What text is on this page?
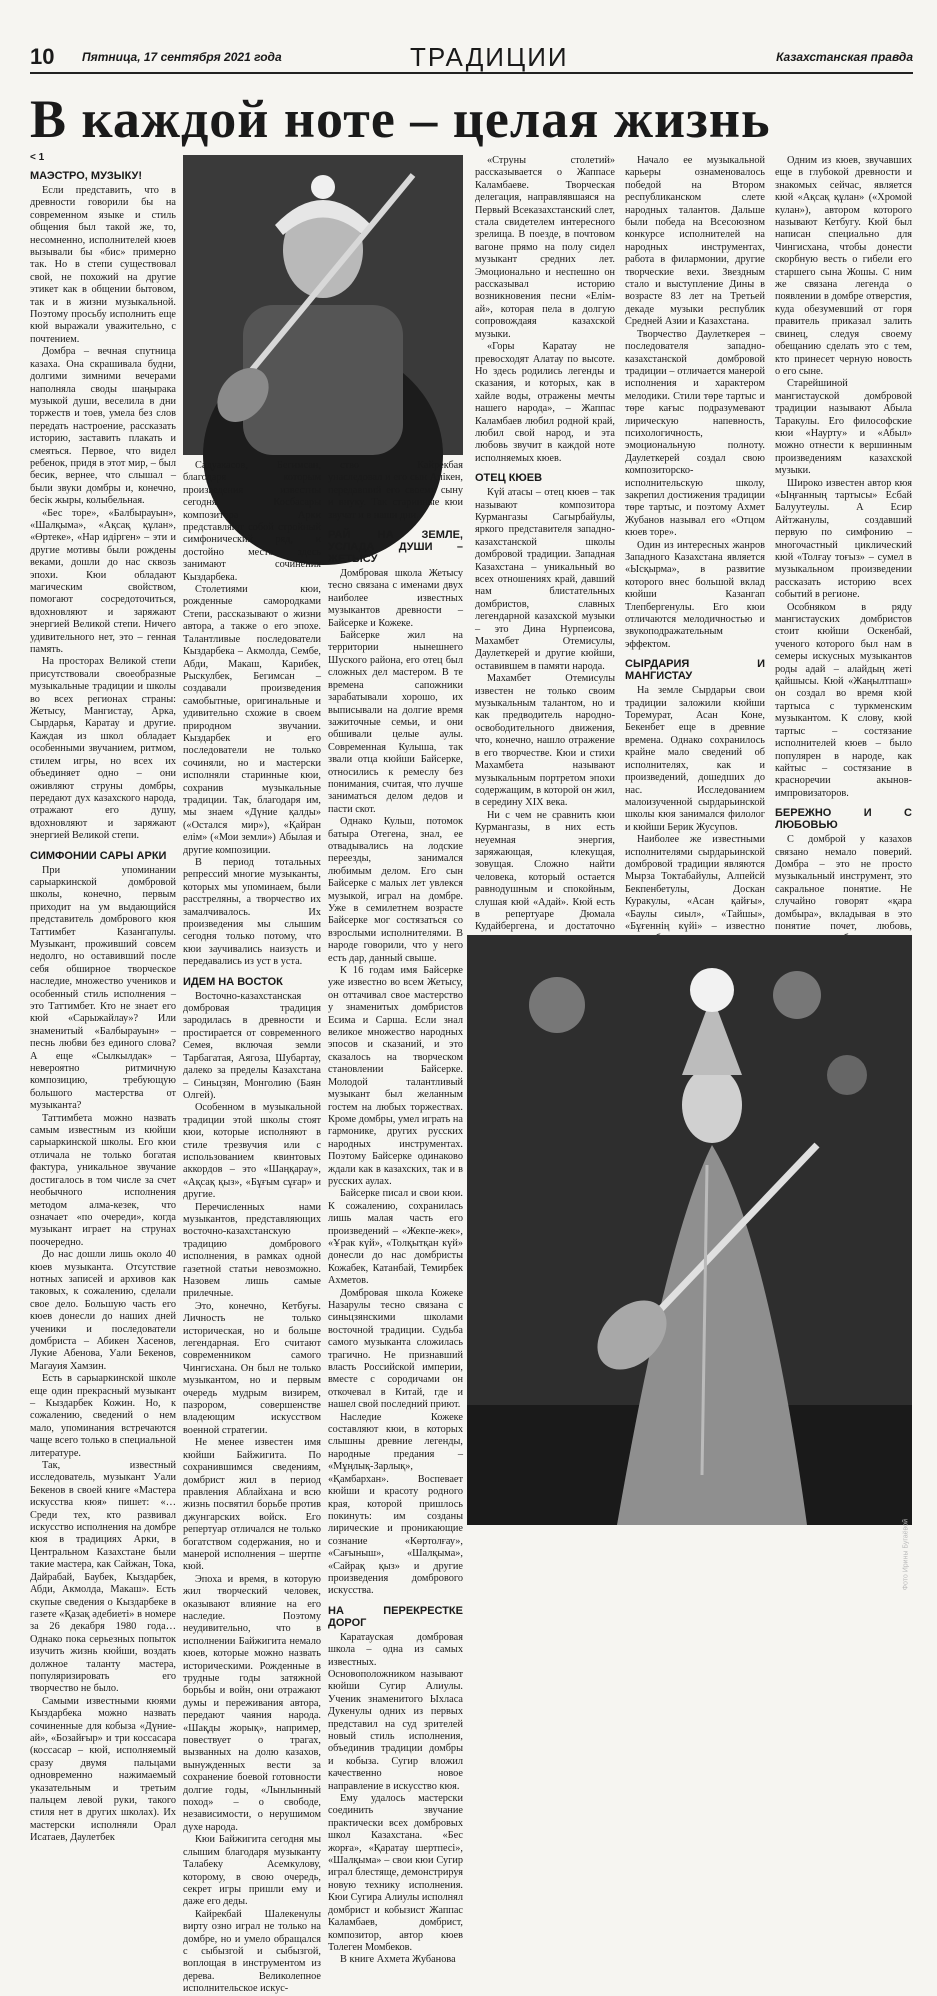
10 Пятница, 17 сентября 2021 года	ТРАДИЦИИ	Казахстанская правда
В каждой ноте – целая жизнь
< 1
МАЭСТРО, МУЗЫКУ!

Если представить, что в древности говорили бы на современном языке и стиль общения был такой же, то, несомненно, исполнителей кюев вызывали бы «бис» примерно так. Но в степи существовал свой, не похожий на другие этикет как в общении бытовом, так и в жизни музыкальной. Поэтому просьбу исполнить еще кюй выражали уважительно, с почтением.

Домбра – вечная спутница казаха. Она скрашивала будни, долгими зимними вечерами наполняла своды шаңырака музыкой души, веселила в дни торжеств и тоев, умела без слов передать настроение, рассказать историю, заставить плакать и смеяться. Первое, что видел ребенок, придя в этот мир, – был бесик, вернее, что слышал – были звуки домбры и, конечно, бесік жыры, колыбельная.

«Бес торе», «Балбырауын», «Шалқыма», «Ақсақ құлан», «Өртеке», «Нар идірген» – эти и другие мотивы были рождены веками, дошли до нас сквозь эпохи. Кюи обладают магическим свойством, помогают сосредоточиться, вдохновляют и заряжают энергией Великой степи. Ничего удивительного нет, это – генная память.

На просторах Великой степи присутствовали своеобразные музыкальные традиции и школы во всех регионах страны: Жетысу, Мангистау, Арка, Сырдарья, Каратау и другие. Каждая из школ обладает особенными звучанием, ритмом, стилем игры, но всех их объединяет одно – они оживляют струны домбры, передают дух казахского народа, отражают его душу, вдохновляют и заряжают энергией Великой степи.

СИМФОНИИ САРЫ АРКИ

При упоминании сарыаркинской домбровой школы, конечно, первым приходит на ум выдающийся представитель домбрового кюя Таттимбет Казангапулы. Музыкант, проживший совсем недолго, но оставивший после себя обширное творческое наследие, множество учеников и особенный стиль исполнения – это Таттимбет. Кто не знает его кюй «Сарыжайлау»? Или знаменитый «Балбырауын» – песнь любви без единого слова? А еще «Сылкылдак» – невероятно ритмичную композицию, требующую большого мастерства от музыканта?

Таттимбета можно назвать самым известным из кюйши сарыаркинской школы. Его кюи отличала не только богатая фактура, уникальное звучание достигалось в том числе за счет необычного исполнения методом алма-кезек, что означает «по очереди», когда музыкант играет на струнах поочередно.

До нас дошли лишь около 40 кюев музыканта. Отсутствие нотных записей и архивов как таковых, к сожалению, сделали свое дело. Большую часть его кюев донесли до наших дней ученики и последователи домбриста – Абикен Хасенов, Лукие Абенова, Уали Бекенов, Магауия Хамзин.

Есть в сарыаркинской школе еще один прекрасный музыкант – Кыздарбек Кожин. Но, к сожалению, сведений о нем мало, упоминания встречаются чаще всего только в специальной литературе.

Так, известный исследователь, музыкант Уали Бекенов в своей книге «Мастера искусства кюя» пишет: «…Среди тех, кто развивал искусство исполнения на домбре кюя в традициях Арки, в Центральном Казахстане были такие мастера, как Сайжан, Тока, Дайрабай, Баубек, Кыздарбек, Абди, Акмолда, Макаш». Есть скупые сведения о Кыздарбеке в газете «Қазақ әдебиеті» в номере за 26 декабря 1980 года… Однако пока серьезных попыток изучить жизнь кюйши, воздать должное таланту мастера, популяризировать его творчество не было.

Самыми известными кюями Кыздарбека можно назвать сочиненные для кобыза «Дүние-ай», «Бозайғыр» и три коссасара (коссасар – кюй, исполняемый сразу двумя пальцами одновременно нажимаемый указательным и третьим пальцем левой руки, такого стиля нет в других школах). Их мастерски исполняли Орал Исатаев, Даулетбек

Садуакасов, Бегимсан, благодаря которым произведения известны сегодня. Косбасары композитора Арки представляют собой стройный симфонический ряд, и достойно место здесь занимают сочинения Кыздарбека.

Столетиями кюи, рожденные самородками Степи, рассказывают о жизни автора, а также о его эпохе. Талантливые последователи Кыздарбека – Акмолда, Сембе, Абди, Макаш, Карибек, Рыскулбек, Бегимсан – создавали произведения самобытные, оригинальные и удивительно схожие в своем природном звучании. Кыздарбек и его последователи не только сочиняли, но и мастерски исполняли старинные кюи, сохранив музыкальные традиции. Так, благодаря им, мы знаем «Дүние қалды» («Остался мир»), «Қайран елім» («Мои земли») Абылая и другие композиции.

В период тотальных репрессий многие музыканты, которых мы упоминаем, были расстреляны, а творчество их замалчивалось. Их произведения мы слышим сегодня только потому, что кюи заучивались наизусть и передавались из уст в уста.

ИДЕМ НА ВОСТОК

Восточно-казахстанская домбровая традиция зародилась в древности и простирается от современного Семея, включая земли Тарбагатая, Аягоза, Шубартау, далеко за пределы Казахстана – Синьцзян, Монголию (Баян Олгей).

Особенном в музыкальной традиции этой школы стоят кюи, которые исполняют в стиле трезвучия или с использованием квинтовых аккордов – это «Шаңқарау», «Ақсақ қыз», «Бұғым сұғар» и другие.

Перечисленных нами музыкантов, представляющих восточно-казахстанскую традицию домбрового исполнения, в рамках одной газетной статьи невозможно. Назовем лишь самые прилечные.

Это, конечно, Кетбуғы. Личность не только историческая, но и больше легендарная. Его считают современником самого Чингисхана. Он был не только музыкантом, но и первым очередь мудрым визирем, пазрором, совершенстве владеющим искусством военной стратегии.

Не менее известен имя кюйши Байжигита. По сохранившимся сведениям, домбрист жил в период правления Аблайхана и всю жизнь посвятил борьбе против джунгарских войск. Его репертуар отличался не только богатством содержания, но и манерой исполнения – шертпе кюй.

Эпоха и время, в которую жил творческий человек, оказывают влияние на его наследие. Поэтому неудивительно, что в исполнении Байжигита немало кюев, которые можно назвать историческими. Рожденные в трудные годы затяжной борьбы и войн, они отражают думы и переживания автора, передают чаяния народа. «Шақды жорық», например, повествует о трагах, вызванных на долю казахов, вынужденных вести за сохранение боевой готовности долгие годы, «Лынлынный поход» – о свободе, независимости, о нерушимом духе народа.

Кюи Байжигита сегодня мы слышим благодаря музыканту Талабеку Асемкулову, которому, в свою очередь, секрет игры пришли ему и даже его деды.

Кайрекбай Шалекенулы вирту озно играл не только на домбре, но и умело обращался с сыбызгой и сыбызгой, воплощая в инструментом из дерева. Великолепное исполнительское искус-

ство Кайрекбая унаследовал и его сын Апікен, передавший его своему сыну и внуку. Так старинные кюи звучат и в наши дни.

РАЙ НА ЗЕМЛЕ, УСЛАДА ДУШИ – ЖЕТЫСУ

Домбровая школа Жетысу тесно связана с именами двух наиболее известных музыкантов древности – Байсерке и Кожеке.

Байсерке жил на территории нынешнего Шуского района, его отец был сложных дел мастером. В те времена сапожники зарабатывали хорошо, их выписывали на долгие время зажиточные семьи, и они обшивали целые аулы. Современная Кулыша, так звали отца кюйши Байсерке, относились к ремеслу без понимания, считая, что лучше заниматься делом дедов и пасти скот.

Однако Кульш, потомок батыра Отегена, знал, ее отвадывались на лодские переезды, занимался любимым делом. Его сын Байсерке с малых лет увлекся музыкой, играл на домбре. Уже в семилетнем возрасте Байсерке мог состязаться со взрослыми исполнителями. В народе говорили, что у него есть дар, данный свыше.

К 16 годам имя Байсерке уже известно во всем Жетысу, он оттачивал свое мастерство у знаменитых домбристов Есима и Сарша. Если знал великое множество народных эпосов и сказаний, и это сказалось на творческом становлении Байсерке. Молодой талантливый музыкант был желанным гостем на любых торжествах. Кроме домбры, умел играть на гармонике, других русских народных инструментах. Поэтому Байсерке одинаково ждали как в казахских, так и в русских аулах.

Байсерке писал и свои кюи. К сожалению, сохранилась лишь малая часть его произведений – «Жекпе-жек», «Ұрак күй», «Толқытқан күй» донесли до нас домбристы Кожабек, Катанбай, Темирбек Ахметов.

Домбровая школа Кожеке Назарулы тесно связана с синьцзянскими школами восточной традиции. Судьба самого музыканта сложилась трагично. Не признавший власть Российской империи, вместе с сородичами он откочевал в Китай, где и нашел свой последний приют.

Наследие Кожеке составляют кюи, в которых слышны древние легенды, народные предания – «Мұңлық-Зарлық», «Қамбархан». Воспевает кюйши и красоту родного края, которой пришлось покинуть: им созданы лирические и проникающие сознание «Көртолғау», «Сағыныш», «Шалқыма», «Сайрақ қыз» и другие произведения домбрового искусства.

НА ПЕРЕКРЕСТКЕ ДОРОГ

Каратауская домбровая школа – одна из самых известных. Основоположником называют кюйши Сугир Алиулы. Ученик знаменитого Ыхласа Дукенулы одних из первых представил на суд зрителей новый стиль исполнения, объединив традиции домбры и кобыза. Сугир вложил качественно новое направление в искусство кюя.

Ему удалось мастерски соединить звучание практически всех домбровых школ Казахстана. «Бес жорға», «Қаратау шертпесі», «Шалқыма» – свои кюи Сугир играл блестяще, демонстрируя новую технику исполнения. Кюи Сугира Алиулы исполнял домбрист и кобызист Жаппас Каламбаев, домбрист, композитор, автор кюев Толеген Момбеков.

В книге Ахмета Жубанова

«Струны столетий» рассказывается о Жаппасе Каламбаеве. Творческая делегация, направлявшаяся на Первый Всеказахстанский слет, стала свидетелем интересного зрелища. В поезде, в почтовом вагоне прямо на полу сидел музыкант средних лет. Эмоционально и неспешно он рассказывал историю возникновения песни «Елім-ай», которая пела в долгую сопровождаяя казахской музыки.

«Горы Каратау не превосходят Алатау по высоте. Но здесь родились легенды и сказания, и которых, как в хайле воды, отражены мечты нашего народа», – Жаппас Каламбаев любил родной край, любил свой народ, и эта любовь звучит в каждой ноте исполняемых кюев.

ОТЕЦ КЮЕВ

Күй атасы – отец кюев – так называют композитора Курмангазы Сагырбайулы, яркого представителя западно-казахстанской школы домбровой традиции. Западная Казахстана – уникальный во всех отношениях край, давший нам блистательных домбристов, славных легендарной казахской музыки – это Дина Нурпеисова, Махамбет Отемисулы, Даулеткерей и другие кюйши, оставившем в памяти народа.

Махамбет Отемисулы известен не только своим музыкальным талантом, но и как предводитель народно-освободительного движения, что, конечно, нашло отражение в его творчестве. Кюи и стихи Махамбета называют музыкальным портретом эпохи содержащим, в которой он жил, в середину XIX века.

Ни с чем не сравнить кюи Курмангазы, в них есть неуемная энергия, заряжающая, клекущая, зовущая. Сложно найти человека, который остается равнодушным и спокойным, слушая кюй «Адай». Кюй есть в репертуаре Дюмала Кудайбергена, и достаточно

Начало ее музыкальной карьеры ознаменовалось победой на Втором республиканском слете народных талантов. Дальше были победа на Всесоюзном конкурсе исполнителей на народных инструментах, работа в филармонии, другие творческие вехи. Звездным стало и выступление Дины в возрасте 83 лет на Третьей декаде музыки республик Средней Азии и Казахстана.

Творчество Даулеткерея – последователя западно-казахстанской домбровой традиции – отличается манерой исполнения и характером мелодики. Стили төре тартыс и төре кағыс подразумевают лирическую напевность, психологичность, эмоциональную полноту. Даулеткерей создал свою композиторско-исполнительскую школу, закрепил достижения традиции төре тартыс, и поэтому Ахмет Жубанов называл его «Отцом кюев торе».

Один из интересных жанров Западного Казахстана является «Ысқырма», в развитие которого внес большой вклад кюйши Казангап Тлепбергенулы. Его кюи отличаются мелодичностью и звукоподражательным эффектом.

СЫРДАРИЯ И МАНГИСТАУ

На земле Сырдарьи свои традиции заложили кюйши Торемурат, Асан Коне, Бекенбет еще в древние времена. Однако сохранилось крайне мало сведений об исполнителях, как и произведений, дошедших до нас. Исследованием малоизученной сырдарьинской школы кюя занимался филолог и кюйши Берик Жусупов.

Наиболее же известными исполнителями сырдарьинской домбровой традиции являются Мырза Токтабайулы, Алпейсй Бекпенбетулы, Доскан Куракулы, «Асан қайғы», «Баулы сиыл», «Тайшы», «Бұғеннің күйі» – известно

Одним из кюев, звучавших еще в глубокой древности и знакомых сейчас, является кюй «Ақсақ құлан» («Хромой кулан»), автором которого называют Кетбугу. Кюй был написан специально для Чингисхана, чтобы донести скорбную весть о гибели его старшего сына Жошы. С ним же связана легенда о появлении в домбре отверстия, куда обезумевший от горя правитель приказал залить свинец, следуя своему обещанию сделать это с тем, кто принесет черную новость о его сыне.

Старейшиной мангистауской домбровой традиции называют Абыла Таракулы. Его философские кюи «Наурту» и «Абыл» можно отнести к вершинным произведениям казахской музыки.

Широко известен автор кюя «Ыңғанның тартысы» Есбай Балуутеулы. А Есир Айтжанулы, создавший первую по симфонию – многочастный циклический кюй «Толғау тоғыз» – сумел в музыкальном произведении рассказать историю всех событий в регионе.

Особняком в ряду мангистауских домбристов стоит кюйши Оскенбай, ученого которого был нам в семеры искусных музыкантов роды адай – алайдың жеті қайшысы. Кюй «Жаңылтпаш» он создал во время кюй тартыса с туркменским музыкантом. К слову, кюй тартыс – состязание исполнителей кюев – было популярен в народе, как кайтыс – состязание в красноречии акынов-импровизаторов.

БЕРЕЖНО И С ЛЮБОВЬЮ

С домброй у казахов связано немало поверий. Домбра – это не просто музыкальный инструмент, это сакральное понятие. Не случайно говорят «қара домбыра», вкладывая в это понятие почет, любовь,

Фото Ирины Бугаёвой
